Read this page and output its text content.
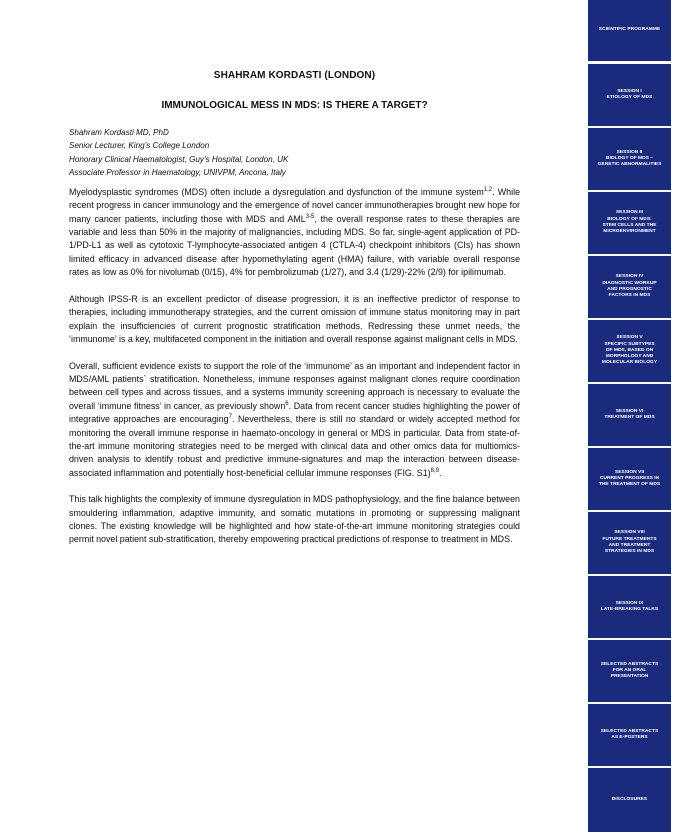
SHAHRAM KORDASTI (LONDON)
IMMUNOLOGICAL MESS IN MDS: IS THERE A TARGET?
Shahram Kordasti MD, PhD
Senior Lecturer, King’s College London
Honorary Clinical Haematologist, Guy’s Hospital, London, UK
Associate Professor in Haematology, UNIVPM, Ancona, Italy

Myelodysplastic syndromes (MDS) often include a dysregulation and dysfunction of the immune system$^{1,2}$. While recent progress in cancer immunology and the emergence of novel cancer immunotherapies brought new hope for many cancer patients, including those with MDS and AML$^{3-5}$, the overall response rates to these therapies are variable and less than 50% in the majority of malignancies, including MDS. So far, single-agent application of PD-1/PD-L1 as well as cytotoxic T-lymphocyte-associated antigen 4 (CTLA-4) checkpoint inhibitors (CIs) has shown limited efficacy in advanced disease after hypomethylating agent (HMA) failure, with variable overall response rates as low as 0% for nivolumab (0/15), 4% for pembrolizumab (1/27), and 3.4 (1/29)-22% (2/9) for ipilimumab.

Although IPSS-R is an excellent predictor of disease progression, it is an ineffective predictor of response to therapies, including immunotherapy strategies, and the current omission of immune status monitoring may in part explain the insufficiencies of current prognostic stratification methods. Redressing these unmet needs, the ‘immunome’ is a key, multifaceted component in the initiation and overall response against malignant cells in MDS.

Overall, sufficient evidence exists to support the role of the ‘immunome’ as an important and independent factor in MDS/AML patients` stratification. Nonetheless, immune responses against malignant clones require coordination between cell types and across tissues, and a systems immunity screening approach is necessary to evaluate the overall ‘immune fitness’ in cancer, as previously shown$^6$. Data from recent cancer studies highlighting the power of integrative approaches are encouraging$^7$. Nevertheless, there is still no standard or widely accepted method for monitoring the overall immune response in haemato-oncology in general or MDS in particular. Data from state-of-the-art immune monitoring strategies need to be merged with clinical data and other omics data for multiomics-driven analysis to identify robust and predictive immune-signatures and map the interaction between disease-associated inflammation and potentially host-beneficial cellular immune responses (FIG. S1)$^{8,9}$.

This talk highlights the complexity of immune dysregulation in MDS pathophysiology, and the fine balance between smouldering inflammation, adaptive immunity, and somatic mutations in promoting or suppressing malignant clones. The existing knowledge will be highlighted and how state-of-the-art immune monitoring strategies could permit novel patient sub-stratification, thereby empowering practical predictions of response to treatment in MDS.

SCIENTIFIC PROGRAMME
SESSION I
ETIOLOGY OF MDS
SESSION II
BIOLOGY OF MDS –
GENETIC ABNORMALITIES
SESSION III
BIOLOGY OF MDS:
STEM CELLS AND THE
MICROENVIRONMENT
SESSION IV
DIAGNOSTIC WORKUP
AND PROGNOSTIC
FACTORS IN MDS
SESSION V
SPECIFIC SUBTYPES
OF MDS, BASED ON
MORPHOLOGY AND
MOLECULAR BIOLOGY
SESSION VI
TREATMENT OF MDS
SESSION VII
CURRENT PROGRESS IN
THE TREATMENT OF MDS
SESSION VIII
FUTURE TREATMENTS
AND TREATMENT
STRATEGIES IN MDS
SESSION IX
LATE-BREAKING TALKS
SELECTED ABSTRACTS
FOR AN ORAL
PRESENTATION
SELECTED ABSTRACTS
AS E-POSTERS
DISCLOSURES
